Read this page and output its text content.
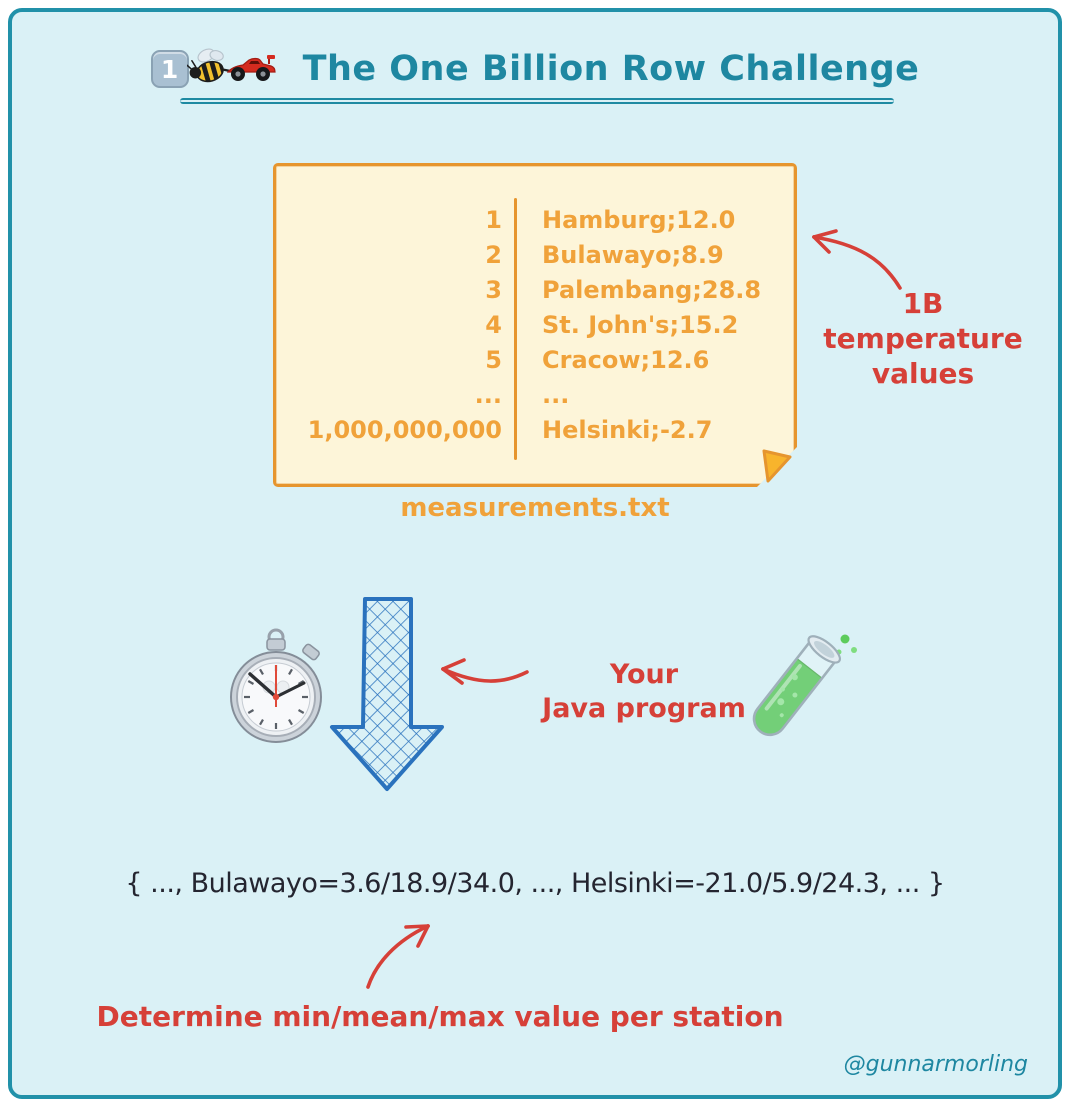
1	The One Billion Row Challenge
1	Hamburg;12.0
2	Bulawayo;8.9
3	Palembang;28.8
4	St. John's;15.2
5	Cracow;12.6
...	...
1,000,000,000	Helsinki;-2.7
measurements.txt
1B temperature
values
Your
Java program
{ ..., Bulawayo=3.6/18.9/34.0, ..., Helsinki=-21.0/5.9/24.3, ... }
Determine min/mean/max value per station
@gunnarmorling
